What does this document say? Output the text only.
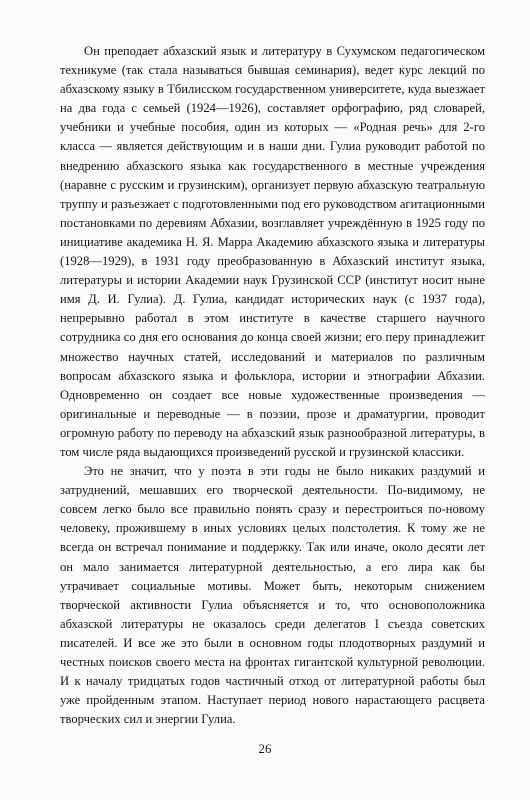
Он преподает абхазский язык и литературу в Сухумском педагогическом техникуме (так стала называться бывшая семинария), ведет курс лекций по абхазскому языку в Тбилисском государственном университете, куда выезжает на два года с семьей (1924—1926), составляет орфографию, ряд словарей, учебники и учебные пособия, один из которых — «Родная речь» для 2-го класса — является действующим и в наши дни. Гулиа руководит работой по внедрению абхазского языка как государственного в местные учреждения (наравне с русским и грузинским), организует первую абхазскую театральную труппу и разъезжает с подготовленными под его руководством агитационными постановками по деревиям Абхазии, возглавляет учреждённую в 1925 году по инициативе академика Н. Я. Марра Академию абхазского языка и литературы (1928—1929), в 1931 году преобразованную в Абхазский институт языка, литературы и истории Академии наук Грузинской ССР (институт носит ныне имя Д. И. Гулиа). Д. Гулиа, кандидат исторических наук (с 1937 года), непрерывно работал в этом институте в качестве старшего научного сотрудника со дня его основания до конца своей жизни; его перу принадлежит множество научных статей, исследований и материалов по различным вопросам абхазского языка и фольклора, истории и этнографии Абхазии. Одновременно он создает все новые художественные произведения — оригинальные и переводные — в поэзии, прозе и драматургии, проводит огромную работу по переводу на абхазский язык разнообразной литературы, в том числе ряда выдающихся произведений русской и грузинской классики.

Это не значит, что у поэта в эти годы не было никаких раздумий и затруднений, мешавших его творческой деятельности. По-видимому, не совсем легко было все правильно понять сразу и перестроиться по-новому человеку, прожившему в иных условиях целых полстолетия. К тому же не всегда он встречал понимание и поддержку. Так или иначе, около десяти лет он мало занимается литературной деятельностью, а его лира как бы утрачивает социальные мотивы. Может быть, некоторым снижением творческой активности Гулиа объясняется и то, что основоположника абхазской литературы не оказалось среди делегатов I съезда советских писателей. И все же это были в основном годы плодотворных раздумий и честных поисков своего места на фронтах гигантской культурной революции. И к началу тридцатых годов частичный отход от литературной работы был уже пройденным этапом. Наступает период нового нарастающего расцвета творческих сил и энергии Гулиа.

26
